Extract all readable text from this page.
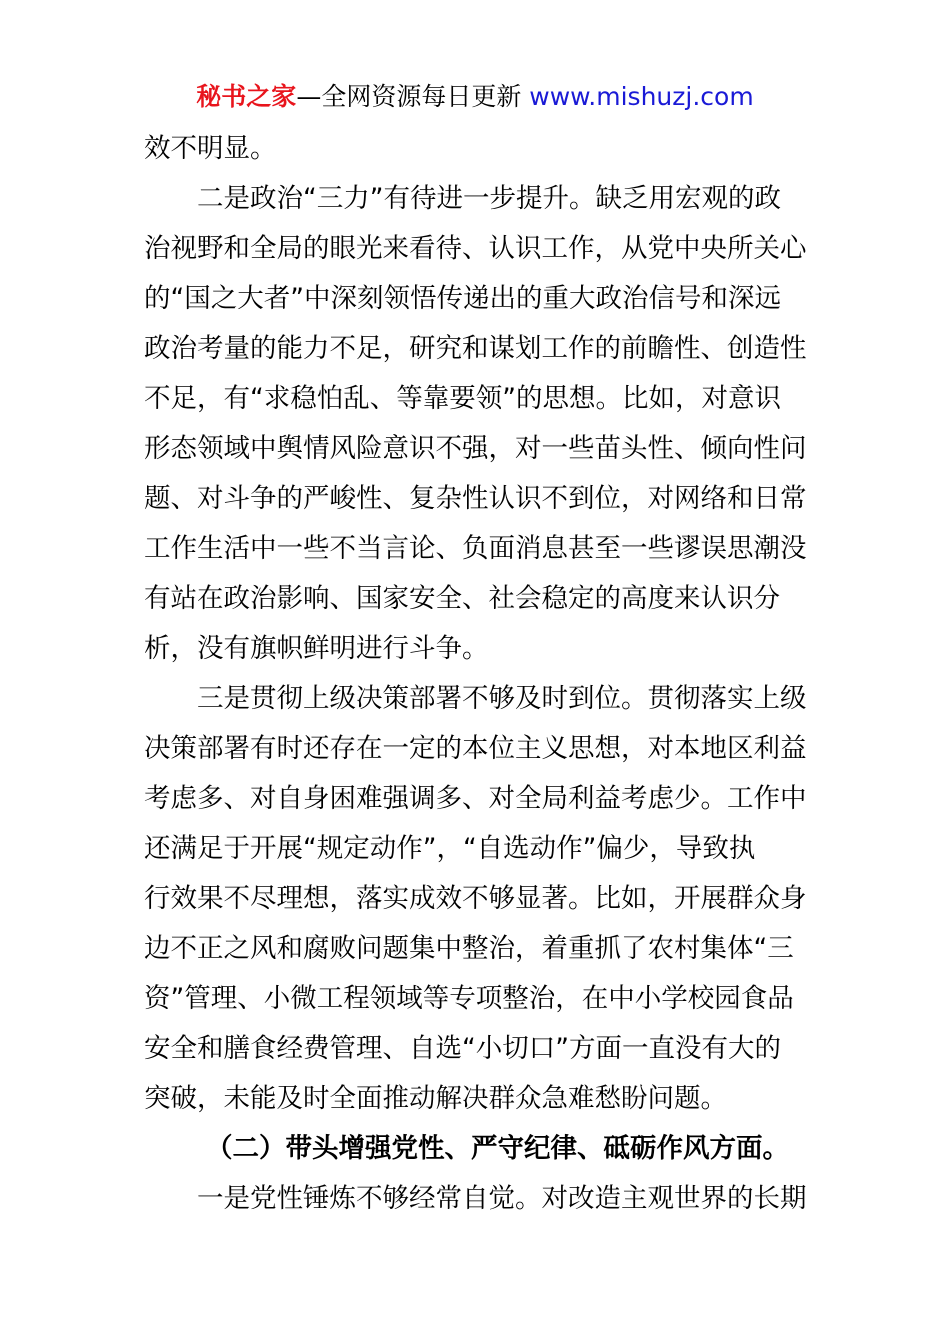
秘书之家—全网资源每日更新 www.mishuzj.com
效不明显。
二是政治“三力”有待进一步提升。缺乏用宏观的政
治视野和全局的眼光来看待、认识工作，从党中央所关心
的“国之大者”中深刻领悟传递出的重大政治信号和深远
政治考量的能力不足，研究和谋划工作的前瞻性、创造性
不足，有“求稳怕乱、等靠要领”的思想。比如，对意识
形态领域中舆情风险意识不强，对一些苗头性、倾向性问
题、对斗争的严峻性、复杂性认识不到位，对网络和日常
工作生活中一些不当言论、负面消息甚至一些谬误思潮没
有站在政治影响、国家安全、社会稳定的高度来认识分
析，没有旗帜鲜明进行斗争。
三是贯彻上级决策部署不够及时到位。贯彻落实上级
决策部署有时还存在一定的本位主义思想，对本地区利益
考虑多、对自身困难强调多、对全局利益考虑少。工作中
还满足于开展“规定动作”，“自选动作”偏少，导致执
行效果不尽理想，落实成效不够显著。比如，开展群众身
边不正之风和腐败问题集中整治，着重抓了农村集体“三
资”管理、小微工程领域等专项整治，在中小学校园食品
安全和膳食经费管理、自选“小切口”方面一直没有大的
突破，未能及时全面推动解决群众急难愁盼问题。
（二）带头增强党性、严守纪律、砥砺作风方面。
一是党性锤炼不够经常自觉。对改造主观世界的长期
